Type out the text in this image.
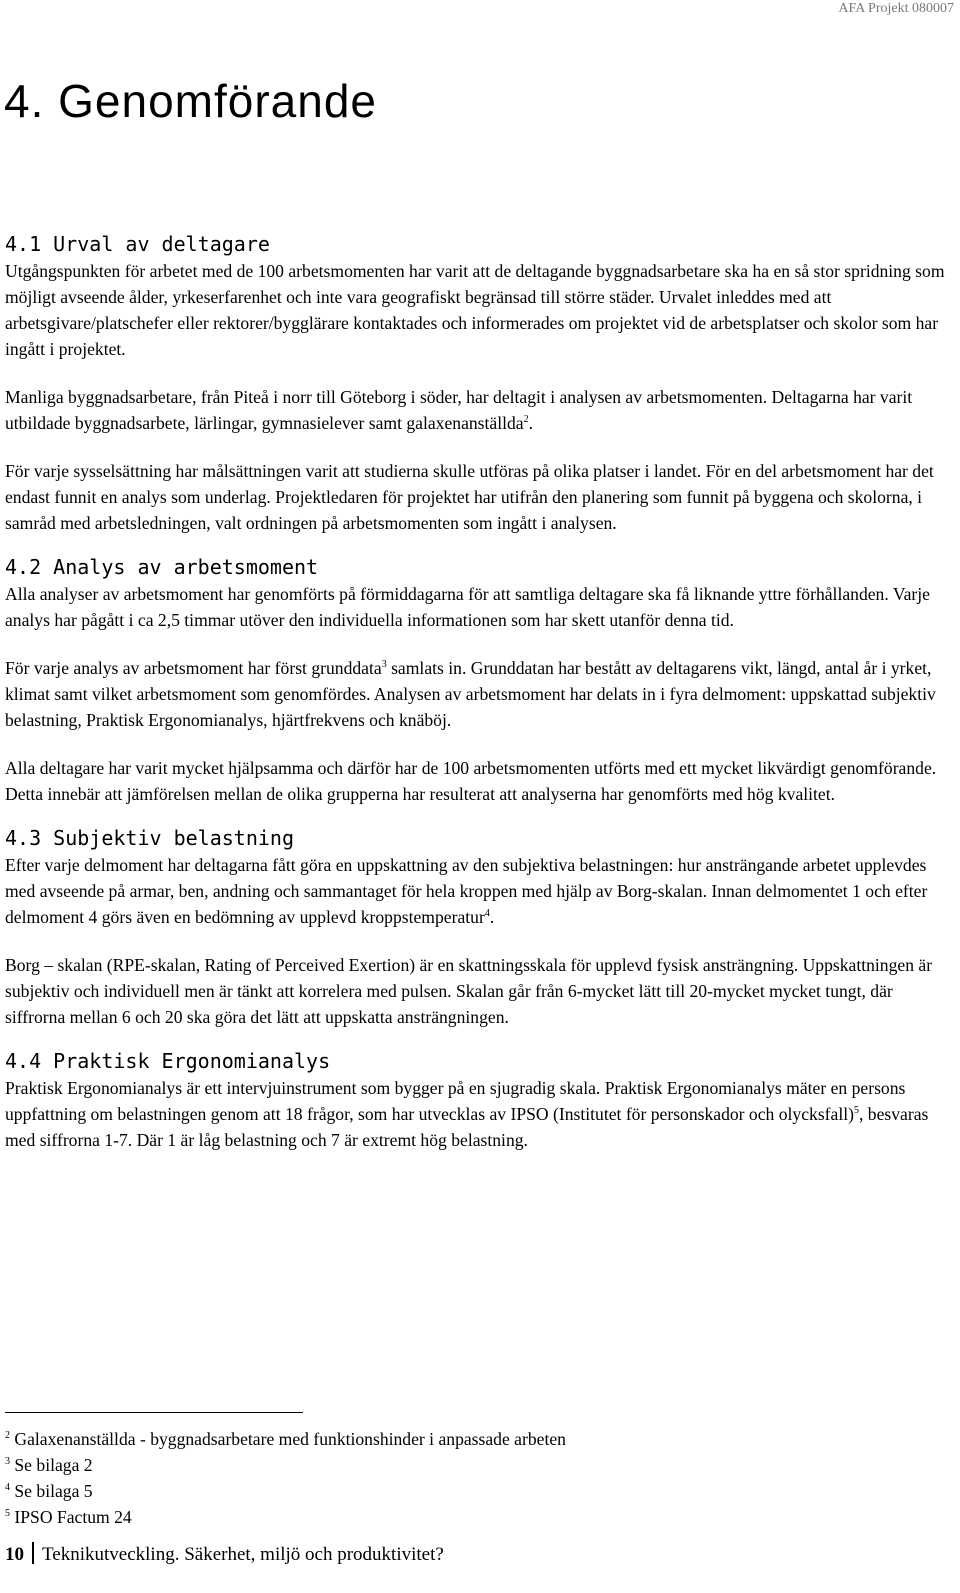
AFA Projekt 080007
4. Genomförande
4.1 Urval av deltagare

Utgångspunkten för arbetet med de 100 arbetsmomenten har varit att de deltagande byggnadsarbetare ska ha en så stor spridning som möjligt avseende ålder, yrkeserfarenhet och inte vara geografiskt begränsad till större städer. Urvalet inleddes med att arbetsgivare/platschefer eller rektorer/bygglärare kontaktades och informerades om projektet vid de arbetsplatser och skolor som har ingått i projektet.

Manliga byggnadsarbetare, från Piteå i norr till Göteborg i söder, har deltagit i analysen av arbetsmomenten. Deltagarna har varit utbildade byggnadsarbete, lärlingar, gymnasielever samt galaxenanställda$^2$.

För varje sysselsättning har målsättningen varit att studierna skulle utföras på olika platser i landet. För en del arbetsmoment har det endast funnit en analys som underlag. Projektledaren för projektet har utifrån den planering som funnit på byggena och skolorna, i samråd med arbetsledningen, valt ordningen på arbetsmomenten som ingått i analysen.

4.2 Analys av arbetsmoment

Alla analyser av arbetsmoment har genomförts på förmiddagarna för att samtliga deltagare ska få liknande yttre förhållanden. Varje analys har pågått i ca 2,5 timmar utöver den individuella informationen som har skett utanför denna tid.

För varje analys av arbetsmoment har först grunddata$^3$ samlats in. Grunddatan har bestått av deltagarens vikt, längd, antal år i yrket, klimat samt vilket arbetsmoment som genomfördes. Analysen av arbetsmoment har delats in i fyra delmoment: uppskattad subjektiv belastning, Praktisk Ergonomianalys, hjärtfrekvens och knäböj.

Alla deltagare har varit mycket hjälpsamma och därför har de 100 arbetsmomenten utförts med ett mycket likvärdigt genomförande. Detta innebär att jämförelsen mellan de olika grupperna har resulterat att analyserna har genomförts med hög kvalitet.

4.3 Subjektiv belastning

Efter varje delmoment har deltagarna fått göra en uppskattning av den subjektiva belastningen: hur ansträngande arbetet upplevdes med avseende på armar, ben, andning och sammantaget för hela kroppen med hjälp av Borg-skalan. Innan delmomentet 1 och efter delmoment 4 görs även en bedömning av upplevd kroppstemperatur$^4$.

Borg – skalan (RPE-skalan, Rating of Perceived Exertion) är en skattningsskala för upplevd fysisk ansträngning. Uppskattningen är subjektiv och individuell men är tänkt att korrelera med pulsen. Skalan går från 6-mycket lätt till 20-mycket mycket tungt, där siffrorna mellan 6 och 20 ska göra det lätt att uppskatta ansträngningen.

4.4 Praktisk Ergonomianalys

Praktisk Ergonomianalys är ett intervjuinstrument som bygger på en sjugradig skala. Praktisk Ergonomianalys mäter en persons uppfattning om belastningen genom att 18 frågor, som har utvecklas av IPSO (Institutet för personskador och olycksfall)$^5$, besvaras med siffrorna 1-7. Där 1 är låg belastning och 7 är extremt hög belastning.

$^2$ Galaxenanställda - byggnadsarbetare med funktionshinder i anpassade arbeten

$^3$ Se bilaga 2

$^4$ Se bilaga 5

$^5$ IPSO Factum 24

10 Teknikutveckling. Säkerhet, miljö och produktivitet?
